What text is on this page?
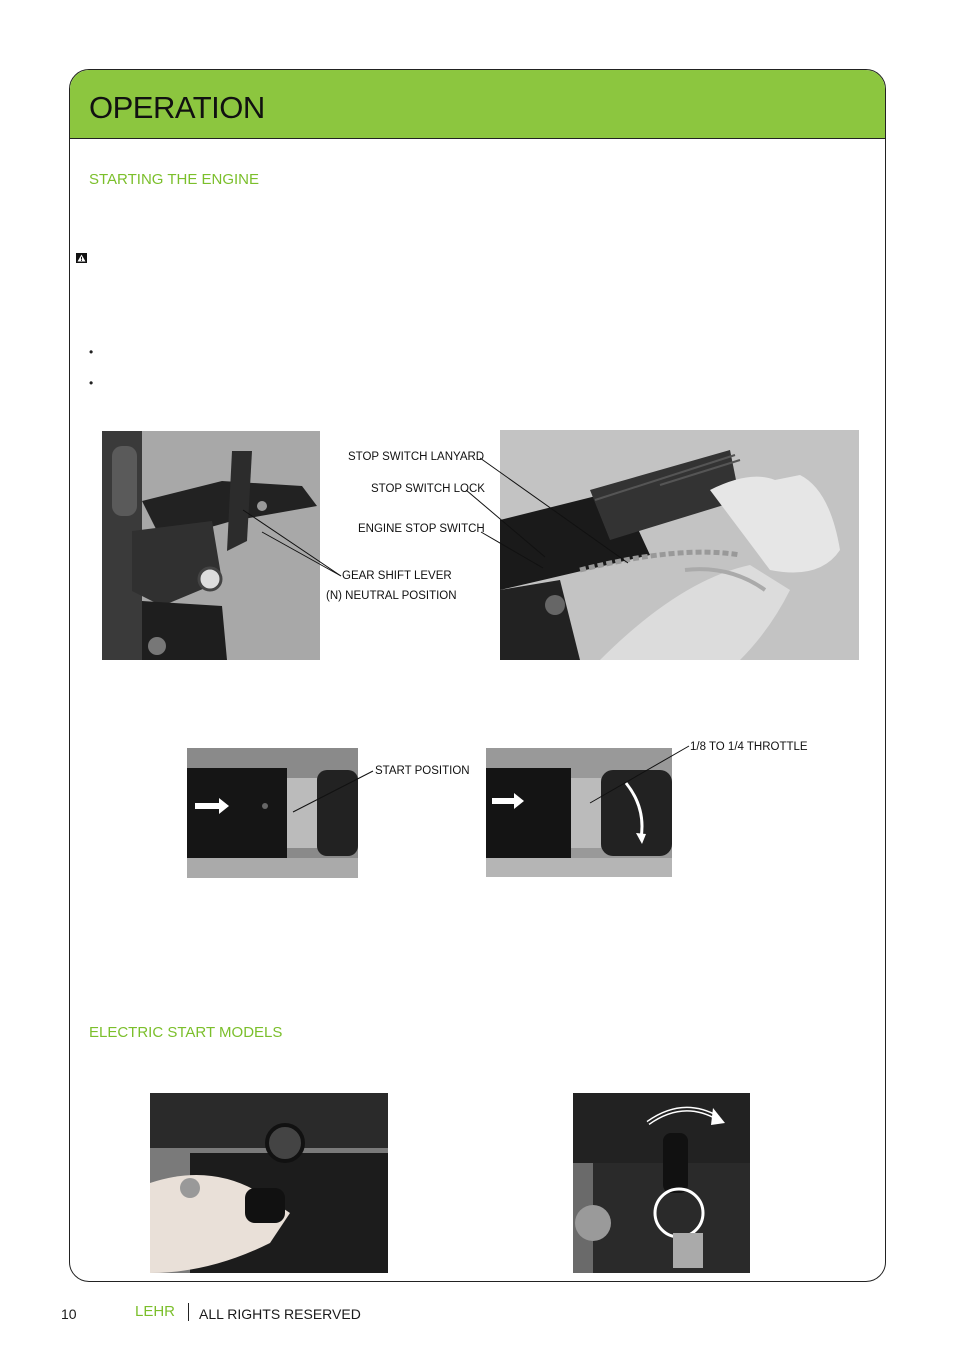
OPERATION
STARTING THE ENGINE
•
•
ELECTRIC START MODELS
STOP SWITCH LANYARD
STOP SWITCH LOCK
ENGINE STOP SWITCH
GEAR SHIFT LEVER
(N) NEUTRAL POSITION
START POSITION
1/8 TO 1/4 THROTTLE
10	LEHR ALL RIGHTS RESERVED
